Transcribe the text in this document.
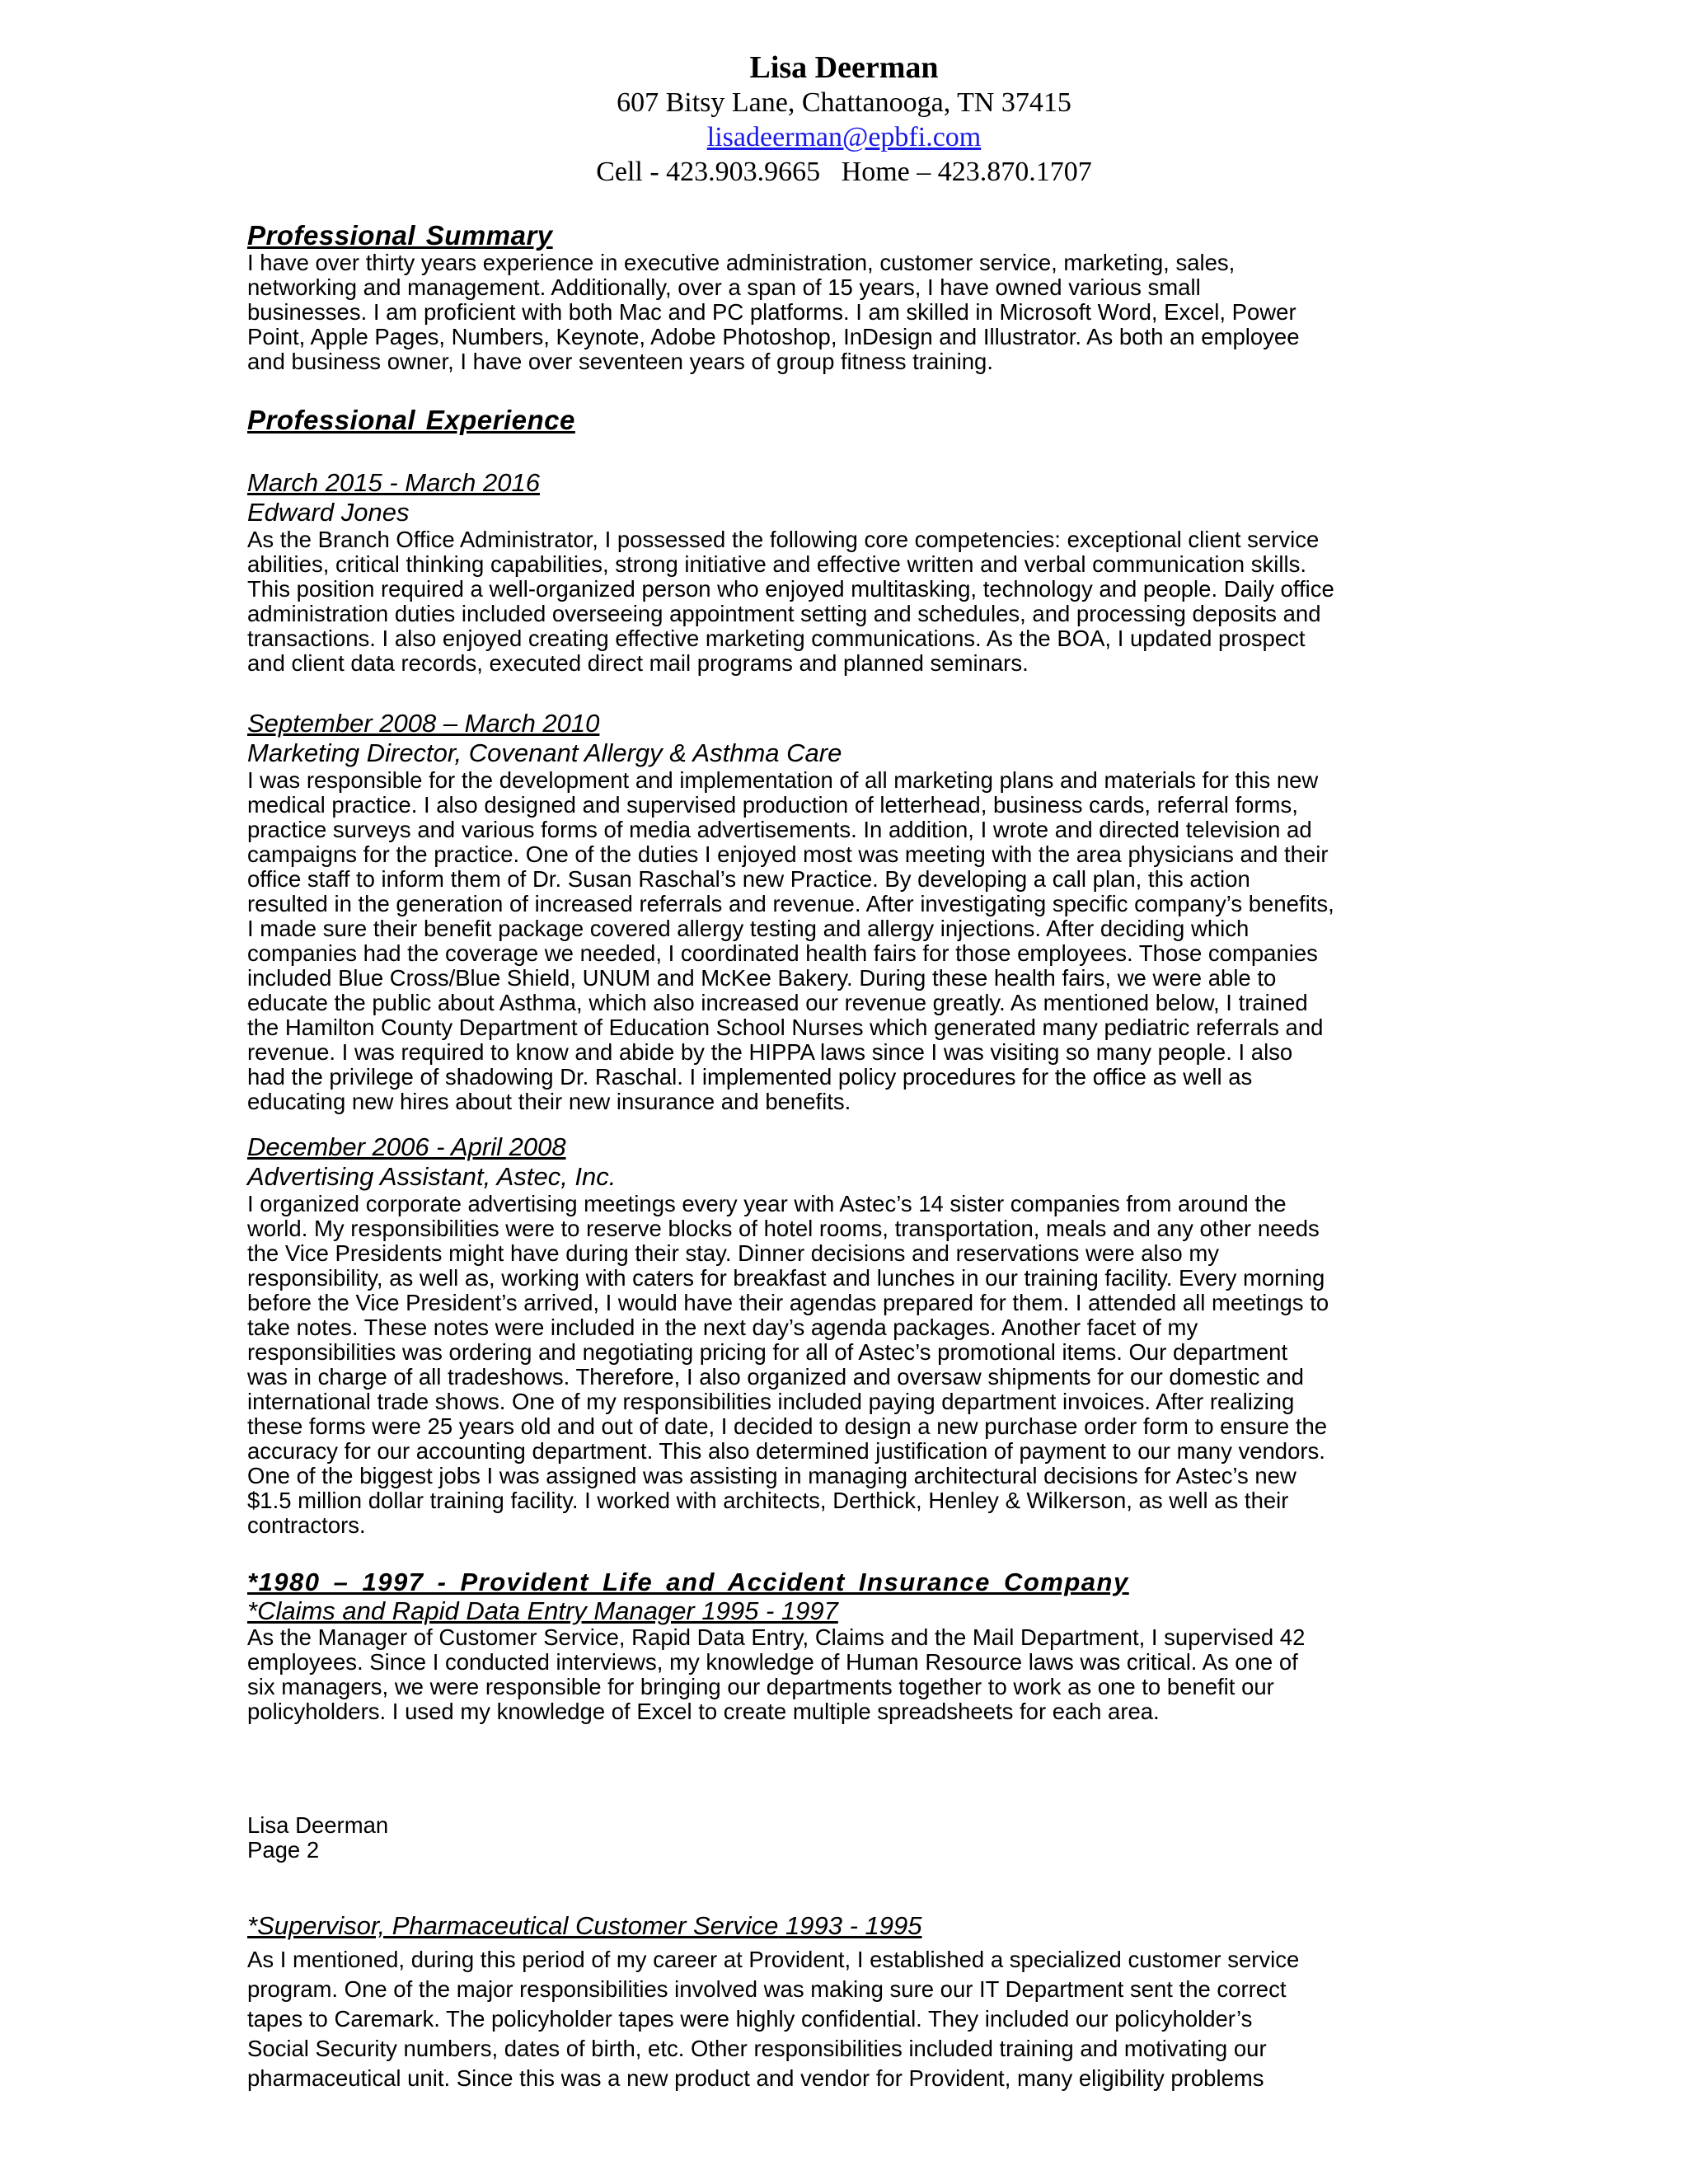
Lisa Deerman
607 Bitsy Lane, Chattanooga, TN 37415
lisadeerman@epbfi.com
Cell - 423.903.9665   Home – 423.870.1707
Professional Summary

I have over thirty years experience in executive administration, customer service, marketing, sales,
networking and management. Additionally, over a span of 15 years, I have owned various small
businesses. I am proficient with both Mac and PC platforms. I am skilled in Microsoft Word, Excel, Power
Point, Apple Pages, Numbers, Keynote, Adobe Photoshop, InDesign and Illustrator. As both an employee
and business owner, I have over seventeen years of group fitness training.

Professional Experience
March 2015 - March 2016
Edward Jones

As the Branch Office Administrator, I possessed the following core competencies: exceptional client service
abilities, critical thinking capabilities, strong initiative and effective written and verbal communication skills.
This position required a well-organized person who enjoyed multitasking, technology and people. Daily office
administration duties included overseeing appointment setting and schedules, and processing deposits and
transactions. I also enjoyed creating effective marketing communications. As the BOA, I updated prospect
and client data records, executed direct mail programs and planned seminars.

September 2008 – March 2010
Marketing Director, Covenant Allergy & Asthma Care

I was responsible for the development and implementation of all marketing plans and materials for this new
medical practice. I also designed and supervised production of letterhead, business cards, referral forms,
practice surveys and various forms of media advertisements. In addition, I wrote and directed television ad
campaigns for the practice. One of the duties I enjoyed most was meeting with the area physicians and their
office staff to inform them of Dr. Susan Raschal’s new Practice. By developing a call plan, this action
resulted in the generation of increased referrals and revenue. After investigating specific company’s benefits,
I made sure their benefit package covered allergy testing and allergy injections. After deciding which
companies had the coverage we needed, I coordinated health fairs for those employees. Those companies
included Blue Cross/Blue Shield, UNUM and McKee Bakery. During these health fairs, we were able to
educate the public about Asthma, which also increased our revenue greatly. As mentioned below, I trained
the Hamilton County Department of Education School Nurses which generated many pediatric referrals and
revenue. I was required to know and abide by the HIPPA laws since I was visiting so many people. I also
had the privilege of shadowing Dr. Raschal. I implemented policy procedures for the office as well as
educating new hires about their new insurance and benefits.

December 2006 - April 2008
Advertising Assistant, Astec, Inc.

I organized corporate advertising meetings every year with Astec’s 14 sister companies from around the
world. My responsibilities were to reserve blocks of hotel rooms, transportation, meals and any other needs
the Vice Presidents might have during their stay. Dinner decisions and reservations were also my
responsibility, as well as, working with caters for breakfast and lunches in our training facility. Every morning
before the Vice President’s arrived, I would have their agendas prepared for them. I attended all meetings to
take notes. These notes were included in the next day’s agenda packages. Another facet of my
responsibilities was ordering and negotiating pricing for all of Astec’s promotional items. Our department
was in charge of all tradeshows. Therefore, I also organized and oversaw shipments for our domestic and
international trade shows. One of my responsibilities included paying department invoices. After realizing
these forms were 25 years old and out of date, I decided to design a new purchase order form to ensure the
accuracy for our accounting department. This also determined justification of payment to our many vendors.
One of the biggest jobs I was assigned was assisting in managing architectural decisions for Astec’s new
$1.5 million dollar training facility. I worked with architects, Derthick, Henley & Wilkerson, as well as their
contractors.

*1980 – 1997 - Provident Life and Accident Insurance Company
*Claims and Rapid Data Entry Manager 1995 - 1997

As the Manager of Customer Service, Rapid Data Entry, Claims and the Mail Department, I supervised 42
employees. Since I conducted interviews, my knowledge of Human Resource laws was critical. As one of
six managers, we were responsible for bringing our departments together to work as one to benefit our
policyholders. I used my knowledge of Excel to create multiple spreadsheets for each area.

Lisa Deerman
Page 2
*Supervisor, Pharmaceutical Customer Service 1993 - 1995

As I mentioned, during this period of my career at Provident, I established a specialized customer service
program. One of the major responsibilities involved was making sure our IT Department sent the correct
tapes to Caremark. The policyholder tapes were highly confidential. They included our policyholder’s
Social Security numbers, dates of birth, etc. Other responsibilities included training and motivating our
pharmaceutical unit. Since this was a new product and vendor for Provident, many eligibility problems
